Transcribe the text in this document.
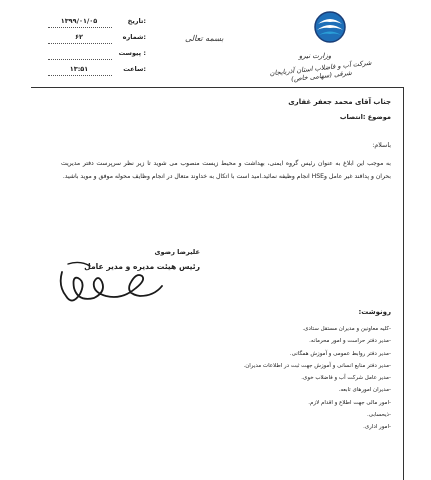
تاریخ:
۱۳۹۹/۰۱/۰۵
شماره:
۶۲
پیوست :
ساعت:
۱۳:۵۱
بسمه تعالی
وزارت نیرو
شرکت آب و فاضلاب استان آذربایجان شرقی (سهامی خاص)
جناب آقای محمد جعفر غفاری
موضوع :انتصاب
باسلام:
به موجب این ابلاغ به عنوان رئیس گروه ایمنی، بهداشت و محیط زیست منصوب می شوید تا زیر نظر سرپرست دفتر مدیریت بحران و پدافند غیر عامل وHSE انجام وظیفه نمائید.امید است با اتکال به خداوند متعال در انجام وظایف محوله موفق و موید باشید.
علیرضا رضوی
رئیس هیئت مدیره و مدیر عامل
رونوشت:
-کلیه معاونین و مدیران مستقل ستادی.
-مدیر دفتر حراست و امور محرمانه.
-مدیر دفتر روابط عمومی و آموزش همگانی.
-مدیر دفتر منابع انسانی و آموزش جهت ثبت در اطلاعات مدیران.
-مدیر عامل شرکت آب و فاضلاب خوی.
-مدیران امورهای تابعه.
-امور مالی جهت اطلاع و اقدام لازم.
-ذیحسابی.
-امور اداری.
